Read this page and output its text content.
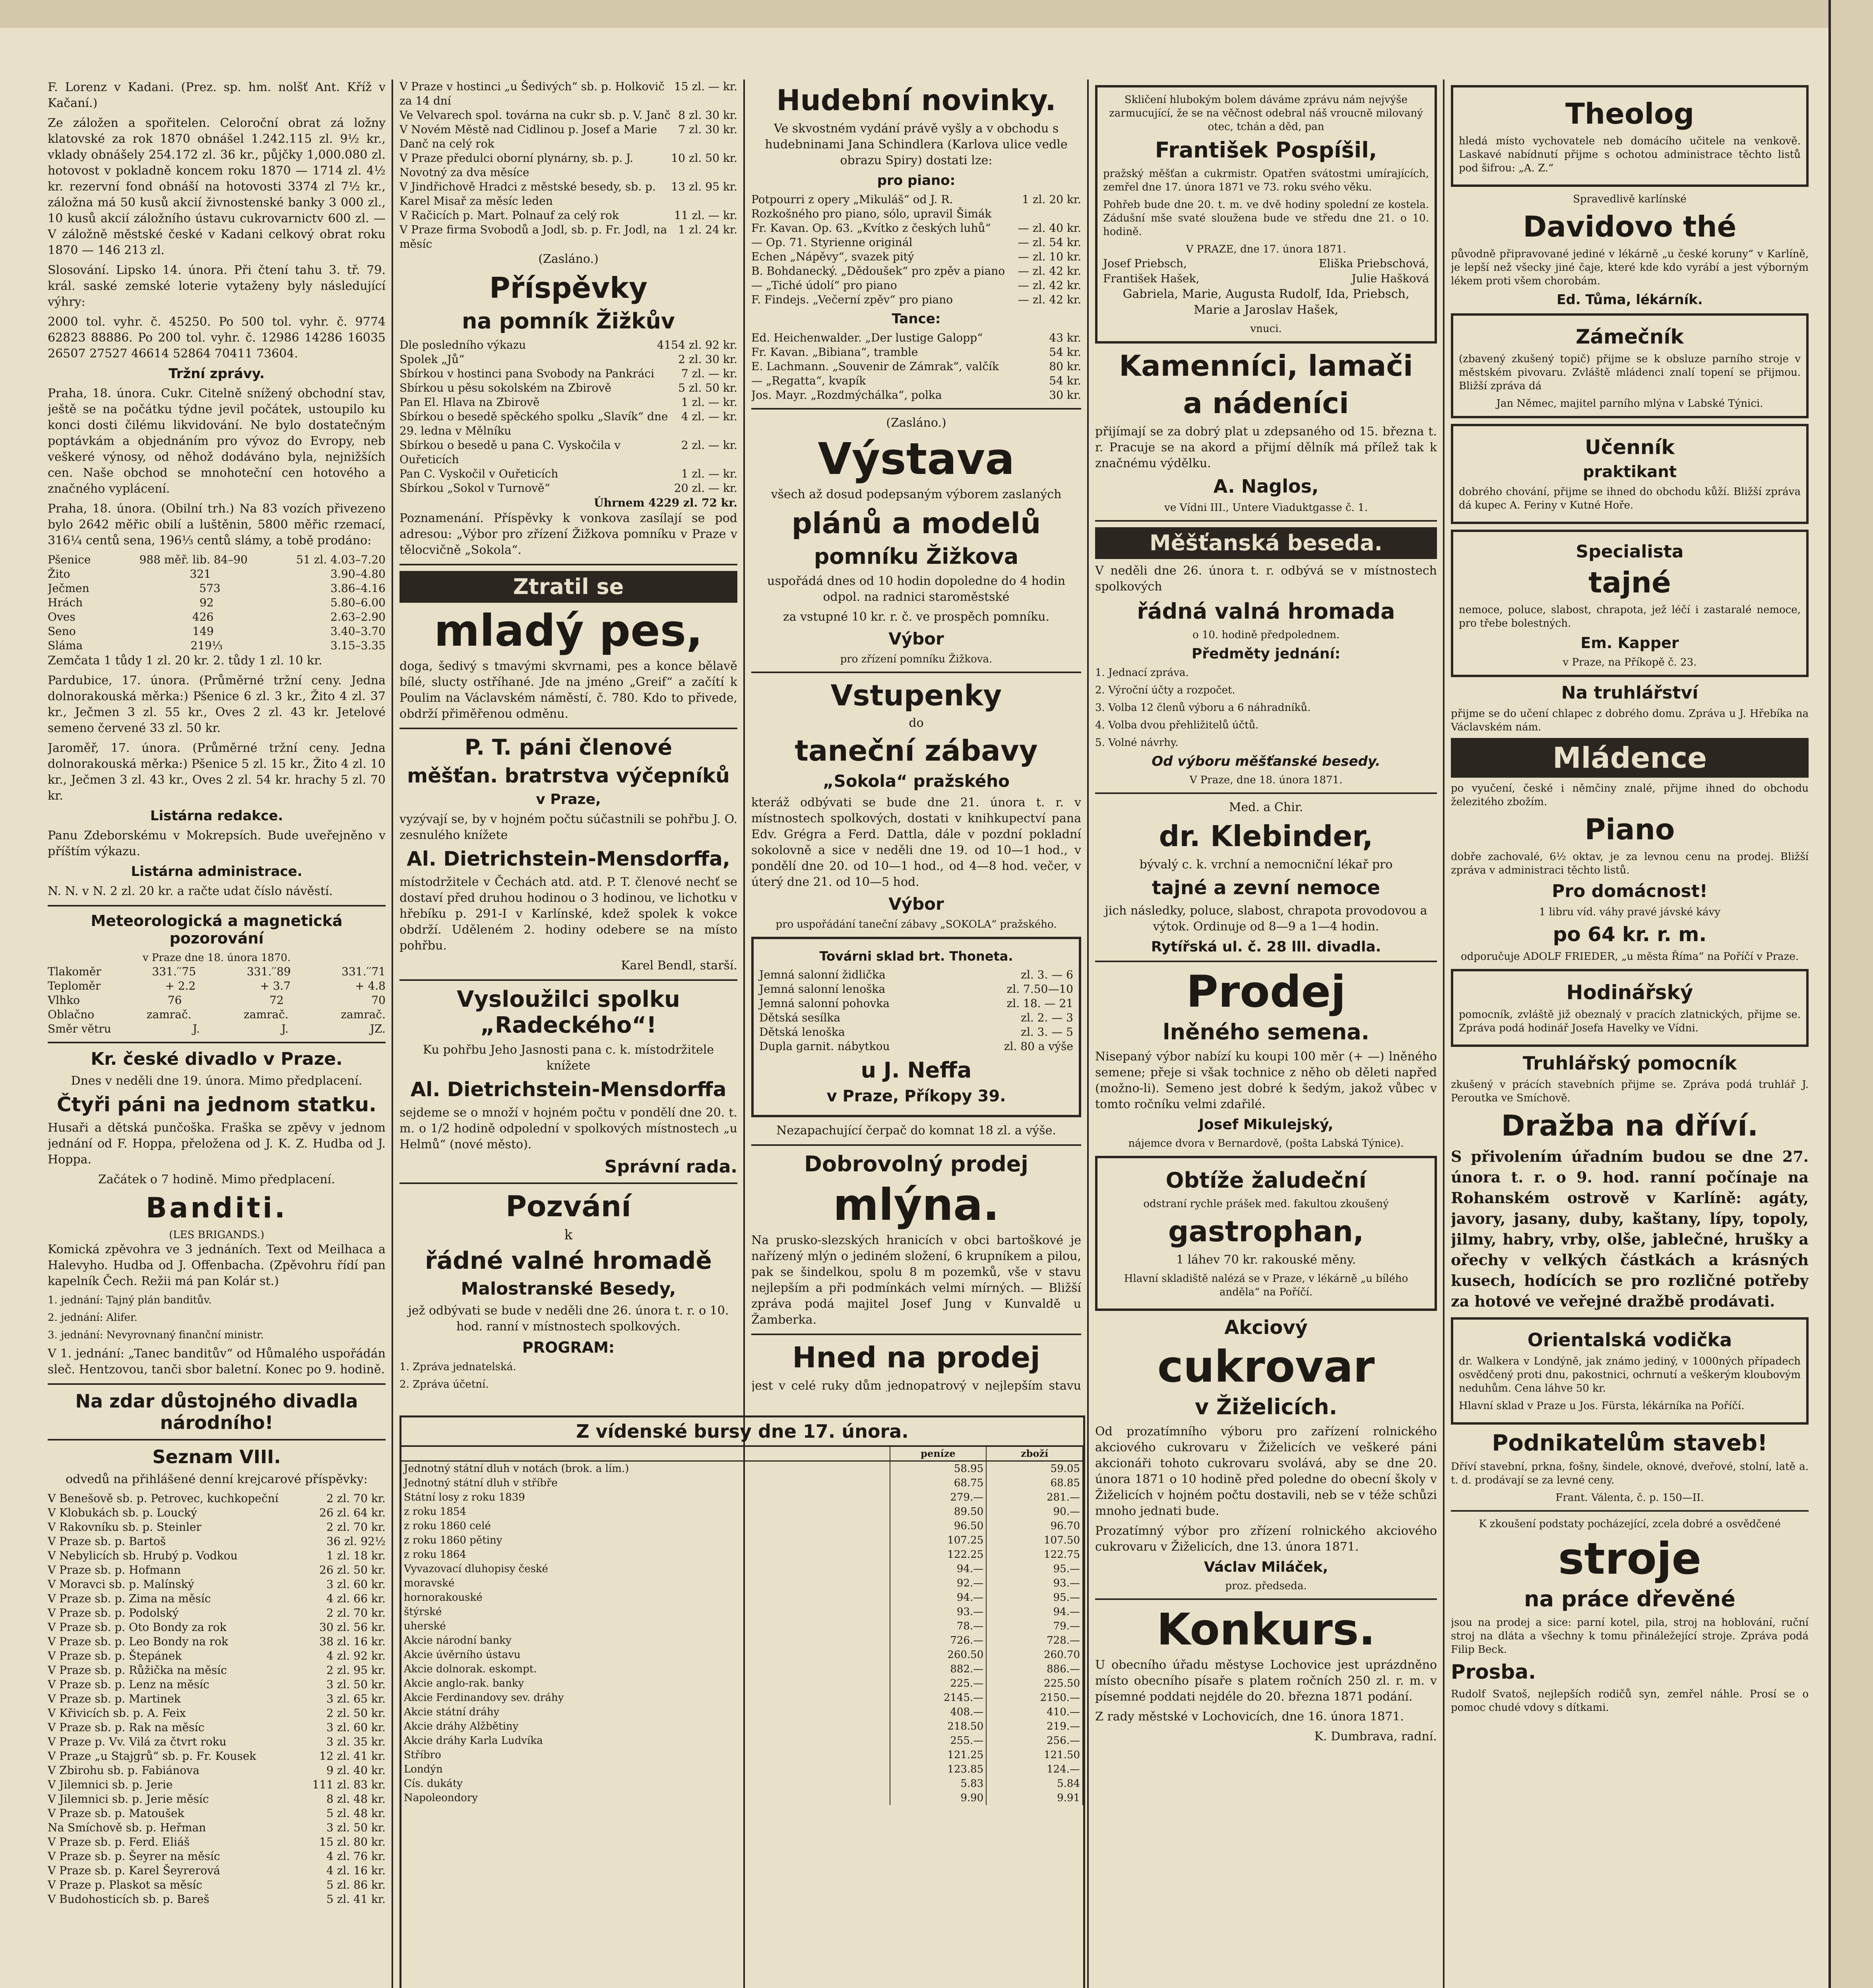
F. Lorenz v Kadani. (Prez. sp. hm. nolšť Ant. Kříž v Kačaní.)

Ze záložen a spořitelen. Celoroční obrat zá ložny klatovské za rok 1870 obnášel 1.242.115 zl. 9½ kr., vklady obnášely 254.172 zl. 36 kr., půjčky 1,000.080 zl. hotovost v pokladně koncem roku 1870 — 1714 zl. 4½ kr. rezervní fond obnáší na hotovosti 3374 zl 7½ kr., záložna má 50 kusů akcií živnostenské banky 3 000 zl., 10 kusů akcií záložního ústavu cukrovarnictv 600 zl. — V záložně městské české v Kadani celkový obrat roku 1870 — 146 213 zl.

Slosování. Lipsko 14. února. Při čtení tahu 3. tř. 79. král. saské zemské loterie vytaženy byly následující výhry:

2000 tol. vyhr. č. 45250. Po 500 tol. vyhr. č. 9774 62823 88886. Po 200 tol. vyhr. č. 12986 14286 16035 26507 27527 46614 52864 70411 73604.

Tržní zprávy.

Praha, 18. února. Cukr. Citelně snížený obchodní stav, ještě se na počátku týdne jevil počátek, ustoupilo ku konci dosti čilému likvidování. Ne bylo dostatečným poptávkám a objednáním pro vývoz do Evropy, neb veškeré výnosy, od něhož dodáváno byla, nejnižších cen. Naše obchod se mnohoteční cen hotového a značného vyplácení.

Praha, 18. února. (Obilní trh.) Na 83 vozích přivezeno bylo 2642 měřic obilí a luštěnin, 5800 měřic rzemací, 316¼ centů sena, 196⅓ centů slámy, a tobě prodáno:

Pšenice	988 měř. lib. 84–90	51 zl. 4.03–7.20
Žito	321	3.90–4.80
Ječmen	573	3.86–4.16
Hrách	92	5.80–6.00
Oves	426	2.63–2.90
Seno	149	3.40–3.70
Sláma	219⅓	3.15–3.35

Zemčata 1 tůdy 1 zl. 20 kr. 2. tůdy 1 zl. 10 kr.

Pardubice, 17. února. (Průměrné tržní ceny. Jedna dolnorakouská měrka:) Pšenice 6 zl. 3 kr., Žito 4 zl. 37 kr., Ječmen 3 zl. 55 kr., Oves 2 zl. 43 kr. Jetelové semeno červené 33 zl. 50 kr.

Jaroměř, 17. února. (Průměrné tržní ceny. Jedna dolnorakouská měrka:) Pšenice 5 zl. 15 kr., Žito 4 zl. 10 kr., Ječmen 3 zl. 43 kr., Oves 2 zl. 54 kr. hrachy 5 zl. 70 kr.

Listárna redakce.

Panu Zdeborskému v Mokrepsích. Bude uveřejněno v příštím výkazu.

Listárna administrace.

N. N. v N. 2 zl. 20 kr. a račte udat číslo návěstí.

Meteorologická a magnetická pozorování
v Praze dne 18. února 1870.
Tlakoměr	331.′′75	331.′′89	331.′′71
Teploměr	+ 2.2	+ 3.7	+ 4.8
Vlhko	76	72	70
Oblačno	zamrač.	zamrač.	zamrač.
Směr větru	J.	J.	JZ.
Kr. české divadlo v Praze.

Dnes v neděli dne 19. února. Mimo předplacení.

Čtyři páni na jednom statku.

Husaři a dětská punčoška. Fraška se zpěvy v jednom jednání od F. Hoppa, přeložena od J. K. Z. Hudba od J. Hoppa.

Začátek o 7 hodině. Mimo předplacení.

Banditi.
(LES BRIGANDS.)

Komická zpěvohra ve 3 jednáních. Text od Meilhaca a Halevyho. Hudba od J. Offenbacha. (Zpěvohru řídí pan kapelník Čech. Režii má pan Kolár st.)

1. jednání: Tajný plán banditův.
2. jednání: Alifer.
3. jednání: Nevyrovnaný finanční ministr.

V 1. jednání: „Tanec banditův“ od Hůmalého uspořádán sleč. Hentzovou, tanči sbor baletní. Konec po 9. hodině.

Na zdar důstojného divadla národního!
Seznam VIII.

odvedů na přihlášené denní krejcarové příspěvky:

V Benešově sb. p. Petrovec, kuchkopeční	2 zl. 70 kr.
V Klobukách sb. p. Loucký	26 zl. 64 kr.
V Rakovníku sb. p. Steinler	2 zl. 70 kr.
V Praze sb. p. Bartoš	36 zl. 92½
V Nebylicích sb. Hrubý p. Vodkou	1 zl. 18 kr.
V Praze sb. p. Hofmann	26 zl. 50 kr.
V Moravci sb. p. Malínský	3 zl. 60 kr.
V Praze sb. p. Zima na měsíc	4 zl. 66 kr.
V Praze sb. p. Podolský	2 zl. 70 kr.
V Praze sb. p. Oto Bondy za rok	30 zl. 56 kr.
V Praze sb. p. Leo Bondy na rok	38 zl. 16 kr.
V Praze sb. p. Štepánek	4 zl. 92 kr.
V Praze sb. p. Růžička na měsíc	2 zl. 95 kr.
V Praze sb. p. Lenz na měsíc	3 zl. 50 kr.
V Praze sb. p. Martinek	3 zl. 65 kr.
V Křivicích sb. p. A. Feix	2 zl. 50 kr.
V Praze sb. p. Rak na měsíc	3 zl. 60 kr.
V Praze p. Vv. Vilá za čtvrt roku	3 zl. 35 kr.
V Praze „u Stajgrů“ sb. p. Fr. Kousek	12 zl. 41 kr.
V Zbirohu sb. p. Fabiánova	9 zl. 40 kr.
V Jilemnici sb. p. Jerie	111 zl. 83 kr.
V Jilemnici sb. p. Jerie měsíc	8 zl. 48 kr.
V Praze sb. p. Matoušek	5 zl. 48 kr.
Na Smíchově sb. p. Heřman	3 zl. 50 kr.
V Praze sb. p. Ferd. Eliáš	15 zl. 80 kr.
V Praze sb. p. Šeyrer na měsíc	4 zl. 76 kr.
V Praze sb. p. Karel Šeyrerová	4 zl. 16 kr.
V Praze p. Plaskot sa měsíc	5 zl. 86 kr.
V Budohosticích sb. p. Bareš	5 zl. 41 kr.
V Praze v hostinci „u Šedivých“ sb. p. Holkovič za 14 dní
15 zl. — kr.
Ve Velvarech spol. továrna na cukr sb. p. V. Janč 8 zl. 30 kr.
V Novém Městě nad Cidlinou p. Josef a Marie Danč na celý rok
7 zl. 30 kr.
V Praze předulci oborní plynárny, sb. p. J. Novotný za dva měsíce
10 zl. 50 kr.
V Jindřichově Hradci z městské besedy, sb. p. Karel Misař za měsíc leden
13 zl. 95 kr.
V Račicích p. Mart. Polnauf za celý rok	11 zl. — kr.
V Praze firma Svobodů a Jodl, sb. p. Fr. Jodl, na měsíc
1 zl. 24 kr.
(Zasláno.)
Příspěvky
na pomník Žižkův
Dle posledního výkazu	4154 zl. 92 kr.
Spolek „Jů“	2 zl. 30 kr.
Sbírkou v hostinci pana Svobody na Pankráci 7 zl. — kr.
Sbírkou u pěsu sokolském na Zbirově	5 zl. 50 kr.
Pan El. Hlava na Zbirově	1 zl. — kr.
Sbírkou o besedě spěckého spolku „Slavík“ dne 29. ledna v Mělníku
4 zl. — kr.
Sbírkou o besedě u pana C. Vyskočila v Ouřeticích
2 zl. — kr.
Pan C. Vyskočil v Ouřeticích	1 zl. — kr.
Sbírkou „Sokol v Turnově“	20 zl. — kr.
Úhrnem 4229 zl. 72 kr.

Poznamenání. Příspěvky k vonkova zasílají se pod adresou: „Výbor pro zřízení Žižkova pomníku v Praze v tělocvičně „Sokola“.

Ztratil se
mladý pes,

doga, šedivý s tmavými skvrnami, pes a konce bělavě bílé, slucty ostříhané. Jde na jméno „Greif“ a začítí k Poulim na Václavském náměstí, č. 780. Kdo to přivede, obdrží přiměřenou odměnu.

P. T. páni členové
měšťan. bratrstva výčepníků
v Praze,

vyzývají se, by v hojném počtu súčastnili se pohřbu J. O. zesnulého knížete

Al. Dietrichstein-Mensdorffa,

místodržitele v Čechách atd. atd. P. T. členové nechť se dostaví před druhou hodinou o 3 hodinou, ve lichotku v hřebíku p. 291-I v Karlínské, kdež spolek k vokce obdrží. Uděleném 2. hodiny odebere se na místo pohřbu.

Karel Bendl, starší.
Vysloužilci spolku „Radeckého“!

Ku pohřbu Jeho Jasnosti pana c. k. místodržitele knížete

Al. Dietrichstein-Mensdorffa

sejdeme se o množí v hojném počtu v pondělí dne 20. t. m. o 1/2 hodině odpolední v spolkových místnostech „u Helmů“ (nové město).

Správní rada.
Pozvání
k
řádné valné hromadě
Malostranské Besedy,

jež odbývati se bude v neděli dne 26. února t. r. o 10. hod. ranní v místnostech spolkových.

PROGRAM:
1. Zpráva jednatelská.
2. Zpráva účetní.

Hudební novinky.

Ve skvostném vydání právě vyšly a v obchodu s hudebninami Jana Schindlera (Karlova ulice vedle obrazu Spiry) dostati lze:

pro piano:
Potpourri z opery „Mikuláš“ od J. R. Rozkošného pro piano, sólo, upravil Šimák
1 zl. 20 kr.
Fr. Kavan. Op. 63. „Kvítko z českých luhů“ — zl. 40 kr.
— Op. 71. Styrienne originál	— zl. 54 kr.
Echen „Nápěvy“, svazek pitý	— zl. 10 kr.
B. Bohdanecký. „Dědoušek“ pro zpěv a piano — zl. 42 kr.
— „Tiché údolí“ pro piano	— zl. 42 kr.
F. Findejs. „Večerní zpěv“ pro piano	— zl. 42 kr.
Tance:
Ed. Heichenwalder. „Der lustige Galopp“	43 kr.
Fr. Kavan. „Bibiana“, tramble	54 kr.
E. Lachmann. „Souvenir de Zámrak“, valčík	80 kr.
— „Regatta“, kvapík	54 kr.
Jos. Mayr. „Rozdmýchálka“, polka	30 kr.
(Zasláno.)
Výstava

všech až dosud podepsaným výborem zaslaných

plánů a modelů
pomníku Žižkova

uspořádá dnes od 10 hodin dopoledne do 4 hodin odpol. na radnici staroměstské

za vstupné 10 kr. r. č. ve prospěch pomníku.

Výbor
pro zřízení pomníku Žižkova.
Vstupenky
do
taneční zábavy
„Sokola“ pražského

kteráž odbývati se bude dne 21. února t. r. v místnostech spolkových, dostati v knihkupectví pana Edv. Grégra a Ferd. Dattla, dále v pozdní pokladní sokolovně a sice v neděli dne 19. od 10—1 hod., v pondělí dne 20. od 10—1 hod., od 4—8 hod. večer, v úterý dne 21. od 10—5 hod.

Výbor
pro uspořádání taneční zábavy „SOKOLA“ pražského.
Továrni sklad brt. Thoneta.
Jemná salonní židlička	zl. 3. — 6
Jemná salonní lenoška	zl. 7.50—10
Jemná salonní pohovka	zl. 18. — 21
Dětská sesílka	zl. 2. — 3
Dětská lenoška	zl. 3. — 5
Dupla garnit. nábytkou	zl. 80 a výše
u J. Neffa
v Praze, Příkopy 39.

Nezapachující čerpač do komnat 18 zl. a výše.

Dobrovolný prodej
mlýna.

Na prusko-slezských hranicích v obci bartoškové je nařízený mlýn o jediném složení, 6 krupníkem a pilou, pak se šindelkou, spolu 8 m pozemků, vše v stavu nejlepším a při podmínkách velmi mírných. — Bližší zpráva podá majitel Josef Jung v Kunvaldě u Žamberka.

Hned na prodej

jest v celé ruky dům jednopatrový v nejlepším stavu

Skličení hlubokým bolem dáváme zprávu nám nejvýše zarmucující, že se na věčnost odebral náš vroucně milovaný otec, tchán a děd, pan

František Pospíšil,

pražský měšťan a cukrmistr. Opatřen svátostmi umírajících, zemřel dne 17. února 1871 ve 73. roku svého věku.

Pohřeb bude dne 20. t. m. ve dvě hodiny spolední ze kostela. Zádušní mše svaté sloužena bude ve středu dne 21. o 10. hodině.

V PRAZE, dne 17. února 1871.
Josef Priebsch,	Eliška Priebschová,
František Hašek,	Julie Hašková

Gabriela, Marie, Augusta Rudolf, Ida, Priebsch, Marie a Jaroslav Hašek,

vnuci.
Kamenníci, lamači
a nádeníci

přijímají se za dobrý plat u zdepsaného od 15. března t. r. Pracuje se na akord a přijmí dělník má přílež tak k značnému výdělku.

A. Naglos,
ve Vídni III., Untere Viaduktgasse č. 1.
Měšťanská beseda.

V neděli dne 26. února t. r. odbývá se v místnostech spolkových

řádná valná hromada
o 10. hodině předpolednem.
Předměty jednání:
1. Jednací zpráva.
2. Výroční účty a rozpočet.
3. Volba 12 členů výboru a 6 náhradníků.
4. Volba dvou přehližitelů účtů.
5. Volné návrhy.
Od výboru měšťanské besedy.
V Praze, dne 18. února 1871.
Med. a Chir.
dr. Klebinder,

bývalý c. k. vrchní a nemocniční lékař pro

tajné a zevní nemoce

jich následky, poluce, slabost, chrapota provodovou a výtok. Ordinuje od 8—9 a 1—4 hodin.

Rytířská ul. č. 28 lll. divadla.
Prodej
lněného semena.

Nisepaný výbor nabízí ku koupi 100 měr (+ —) lněného semene; přeje si však tochnice z něho ob děleti napřed (možno-li). Semeno jest dobré k šedým, jakož vůbec v tomto ročníku velmi zdařilé.

Josef Mikulejský,
nájemce dvora v Bernardově, (pošta Labská Týnice).
Obtíže žaludeční
odstraní rychle prášek med. fakultou zkoušený
gastrophan,
1 láhev 70 kr. rakouské měny.

Hlavní skladiště nalézá se v Praze, v lékárně „u bílého anděla“ na Poříčí.

Akciový
cukrovar
v Žiželicích.

Od prozatímního výboru pro zařízení rolnického akciového cukrovaru v Žiželicích ve veškeré páni akcionáři tohoto cukrovaru svolává, aby se dne 20. února 1871 o 10 hodině před poledne do obecní školy v Žiželicích v hojném počtu dostavili, neb se v téže schůzi mnoho jednati bude.

Prozatímný výbor pro zřízení rolnického akciového cukrovaru v Žiželicích, dne 13. února 1871.

Václav Miláček,
proz. předseda.
Konkurs.

U obecního úřadu městyse Lochovice jest uprázdněno místo obecního písaře s platem ročních 250 zl. r. m. v písemné poddati nejdéle do 20. března 1871 podání.

Z rady městské v Lochovicích, dne 16. února 1871.

K. Dumbrava, radní.
Theolog

hledá místo vychovatele neb domácího učitele na venkově. Laskavé nabídnutí přijme s ochotou administrace těchto listů pod šifrou: „A. Z.“

Spravedlivě karlínské
Davidovo thé

původně připravované jediné v lékárně „u české koruny“ v Karlíně, je lepší než všecky jiné čaje, které kde kdo vyrábí a jest výborným lékem proti všem chorobám.

Ed. Tůma, lékárník.
Zámečník

(zbavený zkušený topič) přijme se k obsluze parního stroje v městském pivovaru. Zvláště mládenci znalí topení se přijmou. Bližší zpráva dá

Jan Němec, majitel parního mlýna v Labské Týnici.
Učenník
praktikant

dobrého chování, přijme se ihned do obchodu kůží. Bližší zpráva dá kupec A. Feriny v Kutné Hoře.

Specialista
tajné

nemoce, poluce, slabost, chrapota, jež léčí i zastaralé nemoce, pro třebe bolestných.

Em. Kapper
v Praze, na Příkopě č. 23.
Na truhlářství

přijme se do učení chlapec z dobrého domu. Zpráva u J. Hřebíka na Václavském nám.

Mládence

po vyučení, české i němčiny znalé, přijme ihned do obchodu železitého zbožím.

Piano

dobře zachovalé, 6½ oktav, je za levnou cenu na prodej. Bližší zpráva v administraci těchto listů.

Pro domácnost!

1 libru víd. váhy pravé jávské kávy

po 64 kr. r. m.

odporučuje ADOLF FRIEDER, „u města Říma“ na Poříčí v Praze.

Hodinářský

pomocník, zvláště již obeznalý v pracích zlatnických, přijme se. Zpráva podá hodinář Josefa Havelky ve Vídni.

Truhlářský pomocník

zkušený v prácích stavebních přijme se. Zpráva podá truhlář J. Peroutka ve Smíchově.

Dražba na dříví.

S přivolením úřadním budou se dne 27. února t. r. o 9. hod. ranní počínaje na Rohanském ostrově v Karlíně: agáty, javory, jasany, duby, kaštany, lípy, topoly, jilmy, habry, vrby, olše, jablečné, hrušky a ořechy v velkých částkách a krásných kusech, hodících se pro rozličné potřeby za hotové ve veřejné dražbě prodávati.

Orientalská vodička

dr. Walkera v Londýně, jak známo jediný, v 1000ných případech osvědčený proti dnu, pakostnici, ochrnutí a veškerým kloubovým neduhům. Cena láhve 50 kr.

Hlavní sklad v Praze u Jos. Fürsta, lékárníka na Poříčí.

Podnikatelům staveb!

Dříví stavební, prkna, fošny, šindele, oknové, dveřové, stolní, latě a. t. d. prodávají se za levné ceny.

Frant. Válenta, č. p. 150—II.
K zkoušení podstaty pocházející, zcela dobré a osvědčené
stroje
na práce dřevěné

jsou na prodej a sice: parní kotel, pila, stroj na hoblování, ruční stroj na dláta a všechny k tomu přináležející stroje. Zpráva podá Filip Beck.

Prosba.

Rudolf Svatoš, nejlepších rodičů syn, zemřel náhle. Prosí se o pomoc chudé vdovy s dítkami.

Z vídenské bursy dne 17. února.
	peníze	zboží
Jednotný státní dluh v notách (brok. a lím.)	58.95	59.05
Jednotný státní dluh v stříbře	68.75	68.85
Státní losy z roku 1839	279.—	281.—
z roku 1854	89.50	90.—
z roku 1860 celé	96.50	96.70
z roku 1860 pětiny	107.25	107.50
z roku 1864	122.25	122.75
Vyvazovací dluhopisy české	94.—	95.—
moravské	92.—	93.—
hornorakouské	94.—	95.—
štýrské	93.—	94.—
uherské	78.—	79.—
Akcie národní banky	726.—	728.—
Akcie úvěrního ústavu	260.50	260.70
Akcie dolnorak. eskompt.	882.—	886.—
Akcie anglo-rak. banky	225.—	225.50
Akcie Ferdinandovy sev. dráhy	2145.—	2150.—
Akcie státní dráhy	408.—	410.—
Akcie dráhy Alžbětiny	218.50	219.—
Akcie dráhy Karla Ludvíka	255.—	256.—
Stříbro	121.25	121.50
Londýn	123.85	124.—
Cís. dukáty	5.83	5.84
Napoleondory	9.90	9.91
